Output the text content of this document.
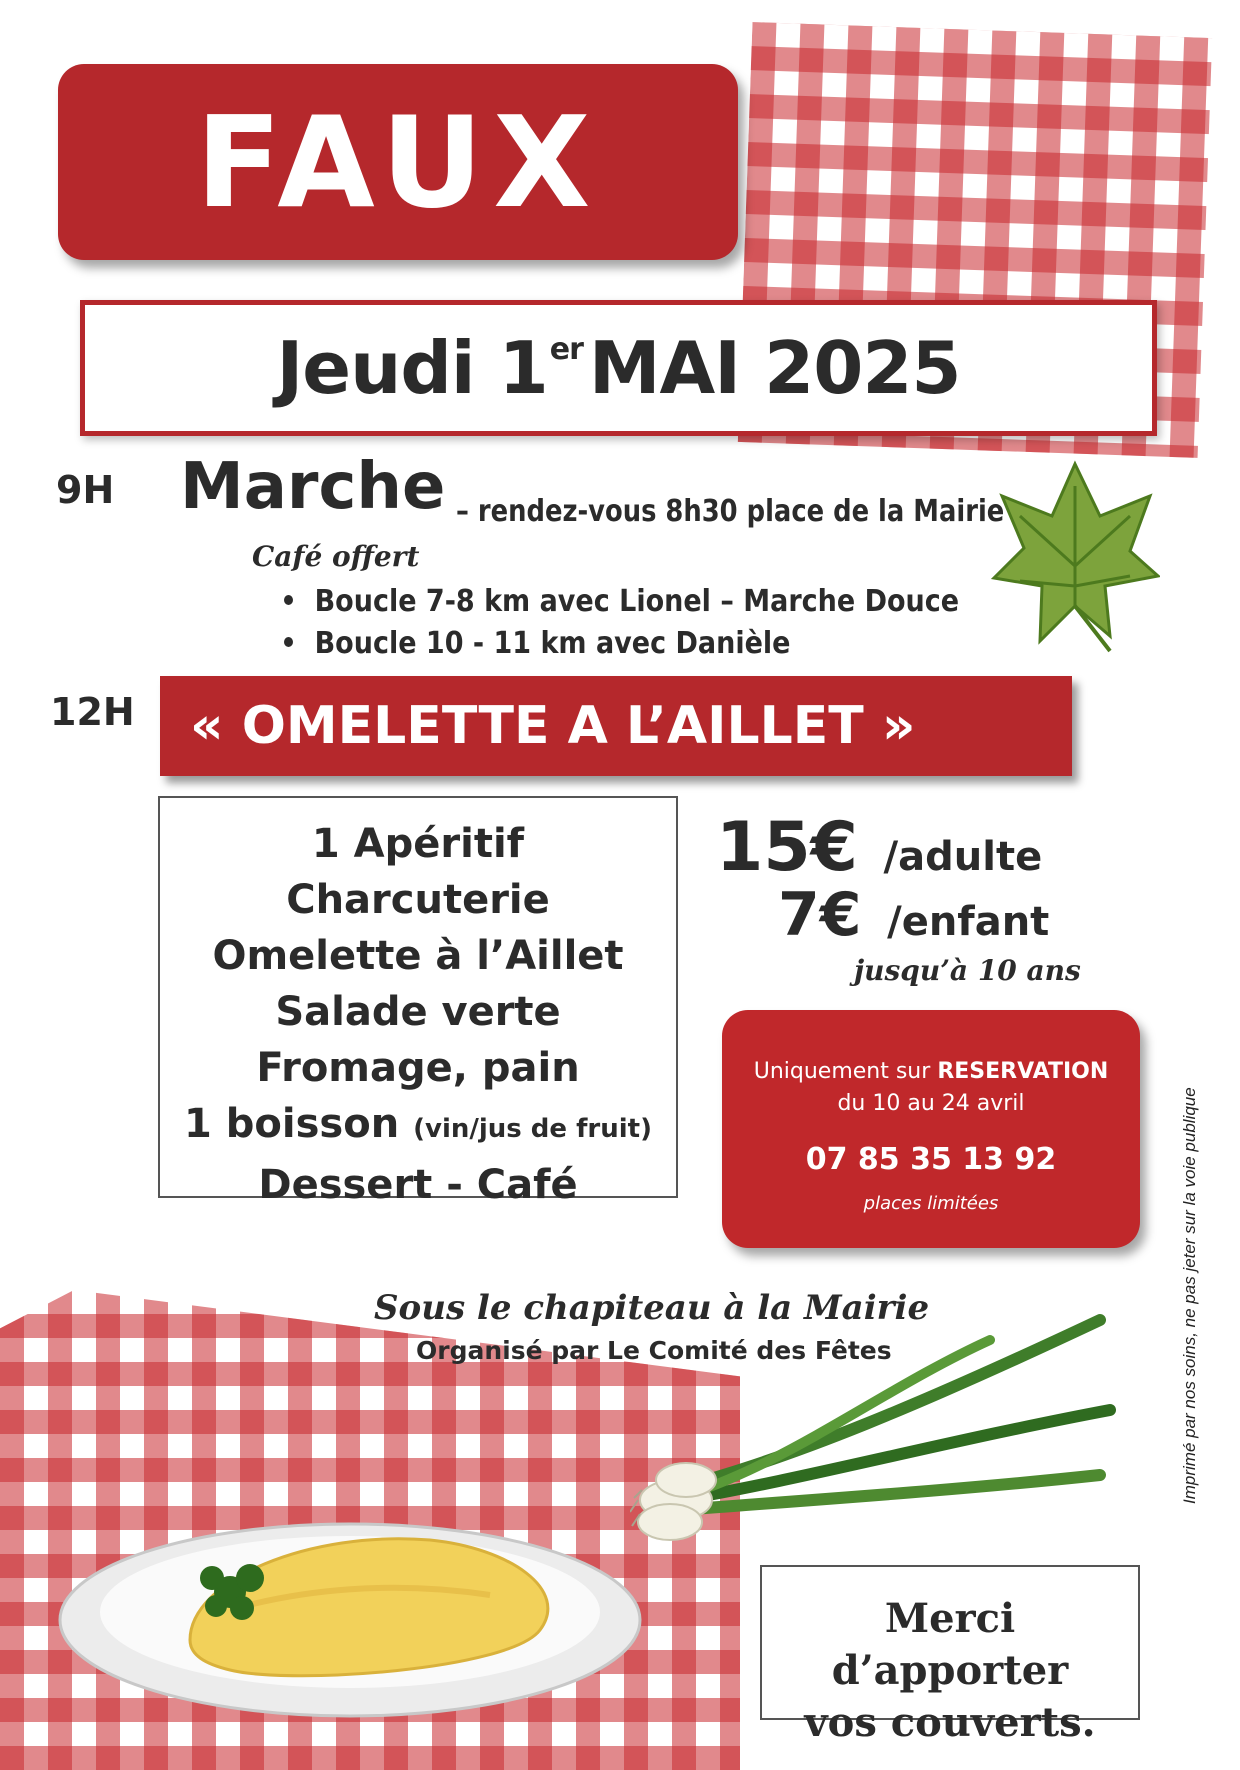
FAUX
Jeudi 1erMAI 2025
9H Marche – rendez-vous 8h30 place de la Mairie
Café offert
Boucle 7-8 km avec Lionel – Marche Douce
Boucle 10 - 11 km avec Danièle
12H « OMELETTE A L’AILLET »
1 Apéritif
Charcuterie
Omelette à l’Aillet
Salade verte
Fromage, pain
1 boisson (vin/jus de fruit)
Dessert - Café
15€ /adulte
7€ /enfant
jusqu’à 10 ans
Uniquement sur RESERVATION
du 10 au 24 avril
07 85 35 13 92
places limitées
Sous le chapiteau à la Mairie
Organisé par Le Comité des Fêtes
Merci d’apporter
vos couverts.
Imprimé par nos soins, ne pas jeter sur la voie publique
